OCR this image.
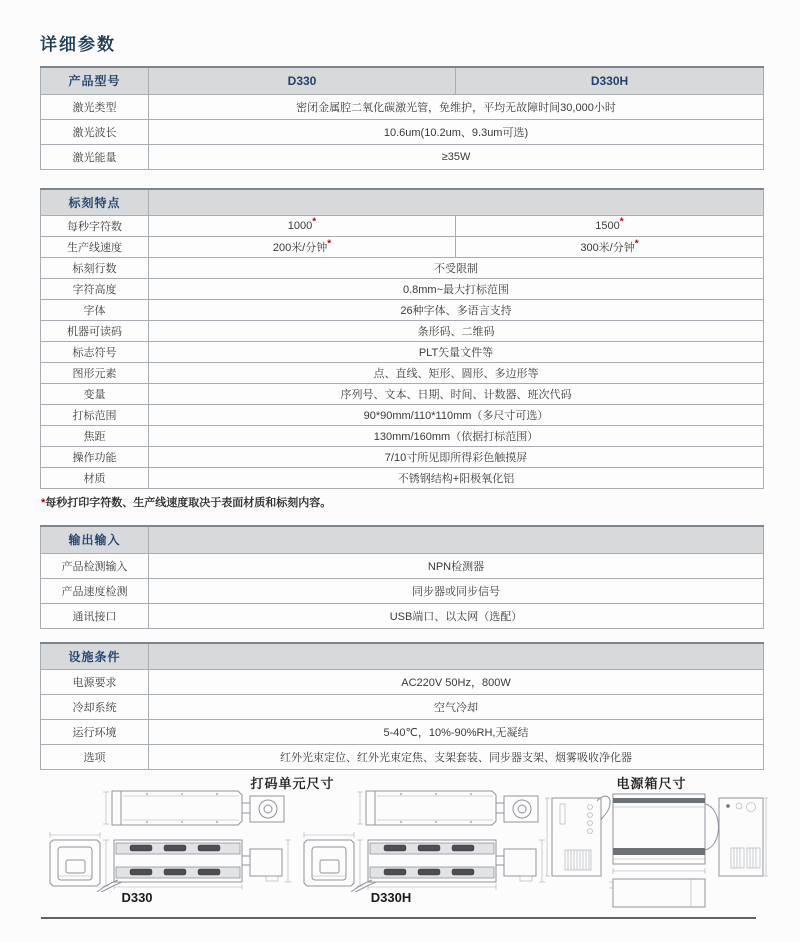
详细参数
产品型号	D330	D330H
激光类型	密闭金属腔二氧化碳激光管，免维护，平均无故障时间30,000小时	
激光波长	10.6um(10.2um、9.3um可选)	
激光能量	≥35W	
标刻特点		
每秒字符数	1000*	1500*
生产线速度	200米/分钟*	300米/分钟*
标刻行数	不受限制	
字符高度	0.8mm~最大打标范围	
字体	26种字体、多语言支持	
机器可读码	条形码、二维码	
标志符号	PLT矢量文件等	
图形元素	点、直线、矩形、圆形、多边形等	
变量	序列号、文本、日期、时间、计数器、班次代码	
打标范围	90*90mm/110*110mm（多尺寸可选）	
焦距	130mm/160mm（依据打标范围）	
操作功能	7/10寸所见即所得彩色触摸屏	
材质	不锈钢结构+阳极氧化铝	

*每秒打印字符数、生产线速度取决于表面材质和标刻内容。

输出输入	
产品检测输入	NPN检测器
产品速度检测	同步器或同步信号
通讯接口	USB端口、以太网（选配）
设施条件	
电源要求	AC220V 50Hz，800W
冷却系统	空气冷却
运行环境	5-40℃，10%-90%RH,无凝结
选项	红外光束定位、红外光束定焦、支架套装、同步器支架、烟雾吸收净化器
打码单元尺寸	电源箱尺寸
D330	D330H
